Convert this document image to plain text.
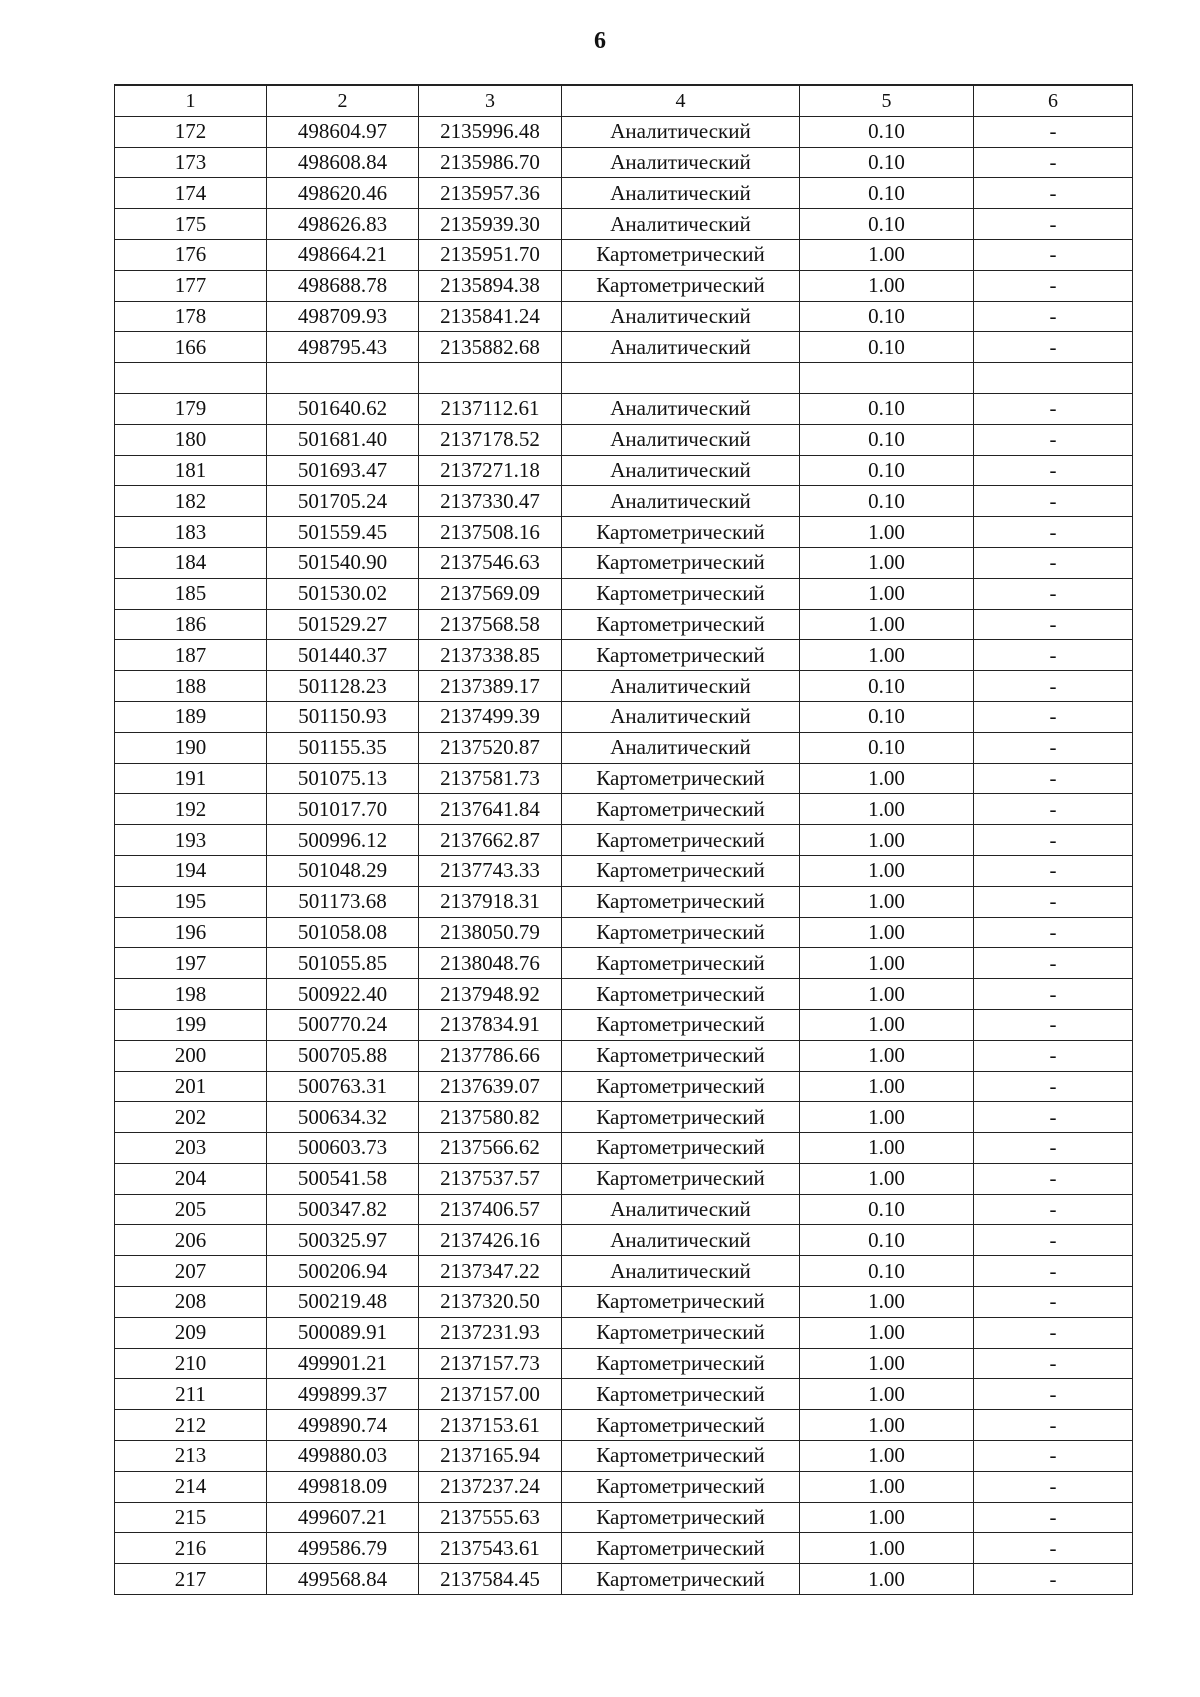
6
1	2	3	4	5	6
172	498604.97	2135996.48	Аналитический	0.10	-
173	498608.84	2135986.70	Аналитический	0.10	-
174	498620.46	2135957.36	Аналитический	0.10	-
175	498626.83	2135939.30	Аналитический	0.10	-
176	498664.21	2135951.70	Картометрический	1.00	-
177	498688.78	2135894.38	Картометрический	1.00	-
178	498709.93	2135841.24	Аналитический	0.10	-
166	498795.43	2135882.68	Аналитический	0.10	-

179	501640.62	2137112.61	Аналитический	0.10	-
180	501681.40	2137178.52	Аналитический	0.10	-
181	501693.47	2137271.18	Аналитический	0.10	-
182	501705.24	2137330.47	Аналитический	0.10	-
183	501559.45	2137508.16	Картометрический	1.00	-
184	501540.90	2137546.63	Картометрический	1.00	-
185	501530.02	2137569.09	Картометрический	1.00	-
186	501529.27	2137568.58	Картометрический	1.00	-
187	501440.37	2137338.85	Картометрический	1.00	-
188	501128.23	2137389.17	Аналитический	0.10	-
189	501150.93	2137499.39	Аналитический	0.10	-
190	501155.35	2137520.87	Аналитический	0.10	-
191	501075.13	2137581.73	Картометрический	1.00	-
192	501017.70	2137641.84	Картометрический	1.00	-
193	500996.12	2137662.87	Картометрический	1.00	-
194	501048.29	2137743.33	Картометрический	1.00	-
195	501173.68	2137918.31	Картометрический	1.00	-
196	501058.08	2138050.79	Картометрический	1.00	-
197	501055.85	2138048.76	Картометрический	1.00	-
198	500922.40	2137948.92	Картометрический	1.00	-
199	500770.24	2137834.91	Картометрический	1.00	-
200	500705.88	2137786.66	Картометрический	1.00	-
201	500763.31	2137639.07	Картометрический	1.00	-
202	500634.32	2137580.82	Картометрический	1.00	-
203	500603.73	2137566.62	Картометрический	1.00	-
204	500541.58	2137537.57	Картометрический	1.00	-
205	500347.82	2137406.57	Аналитический	0.10	-
206	500325.97	2137426.16	Аналитический	0.10	-
207	500206.94	2137347.22	Аналитический	0.10	-
208	500219.48	2137320.50	Картометрический	1.00	-
209	500089.91	2137231.93	Картометрический	1.00	-
210	499901.21	2137157.73	Картометрический	1.00	-
211	499899.37	2137157.00	Картометрический	1.00	-
212	499890.74	2137153.61	Картометрический	1.00	-
213	499880.03	2137165.94	Картометрический	1.00	-
214	499818.09	2137237.24	Картометрический	1.00	-
215	499607.21	2137555.63	Картометрический	1.00	-
216	499586.79	2137543.61	Картометрический	1.00	-
217	499568.84	2137584.45	Картометрический	1.00	-
